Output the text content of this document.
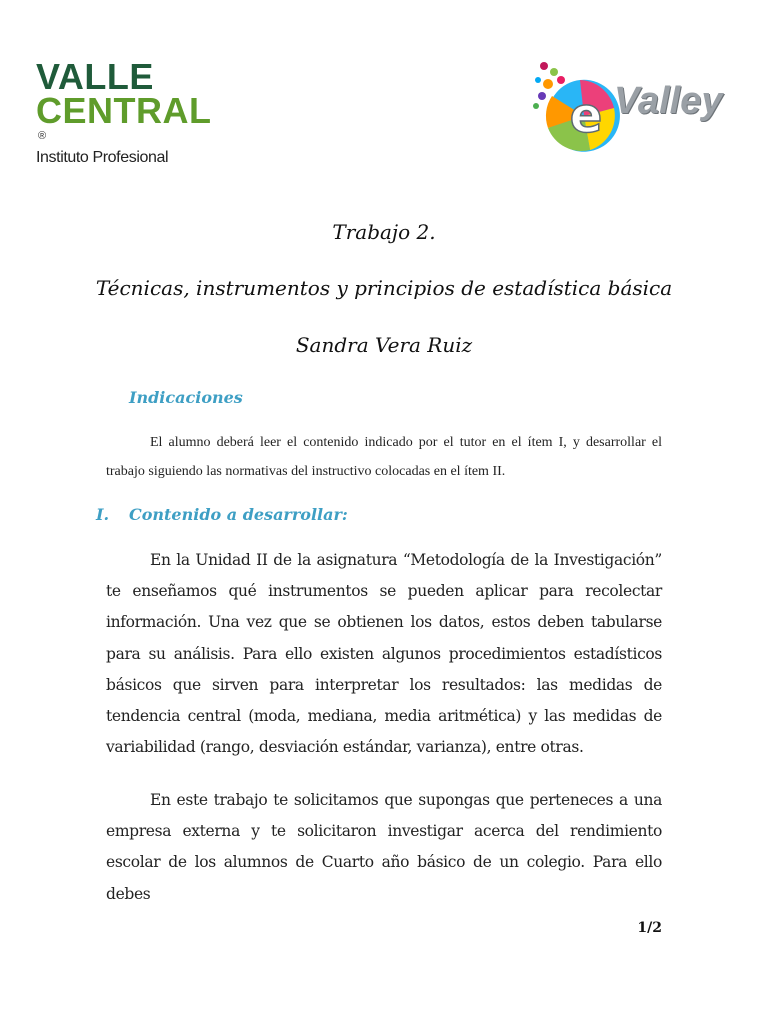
VALLE
CENTRAL®
Instituto Profesional
e Valley
Trabajo 2.
Técnicas, instrumentos y principios de estadística básica
Sandra Vera Ruiz
Indicaciones
El alumno deberá leer el contenido indicado por el tutor en el ítem I, y desarrollar el trabajo siguiendo las normativas del instructivo colocadas en el ítem II.
I. Contenido a desarrollar:
En la Unidad II de la asignatura “Metodología de la Investigación” te enseñamos qué instrumentos se pueden aplicar para recolectar información. Una vez que se obtienen los datos, estos deben tabularse para su análisis. Para ello existen algunos procedimientos estadísticos básicos que sirven para interpretar los resultados: las medidas de tendencia central (moda, mediana, media aritmética) y las medidas de variabilidad (rango, desviación estándar, varianza), entre otras.
En este trabajo te solicitamos que supongas que perteneces a una empresa externa y te solicitaron investigar acerca del rendimiento escolar de los alumnos de Cuarto año básico de un colegio. Para ello debes
1/2
